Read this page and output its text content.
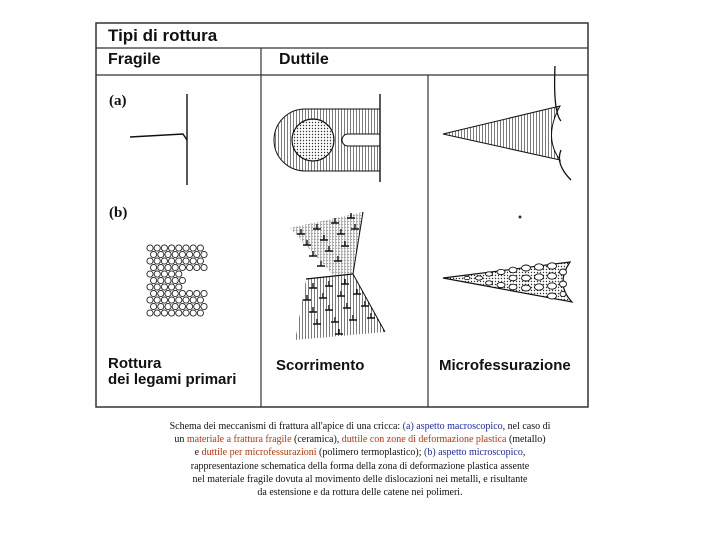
Tipi di rottura
Fragile	Duttile
(a)
(b)
Rottura
dei legami primari
Scorrimento	Microfessurazione
Schema dei meccanismi di frattura all'apice di una cricca: (a) aspetto macroscopico, nel caso di
un materiale a frattura fragile (ceramica), duttile con zone di deformazione plastica (metallo)
e duttile per microfessurazioni (polimero termoplastico); (b) aspetto microscopico,
rappresentazione schematica della forma della zona di deformazione plastica assente
nel materiale fragile dovuta al movimento delle dislocazioni nei metalli, e risultante
da estensione e da rottura delle catene nei polimeri.
